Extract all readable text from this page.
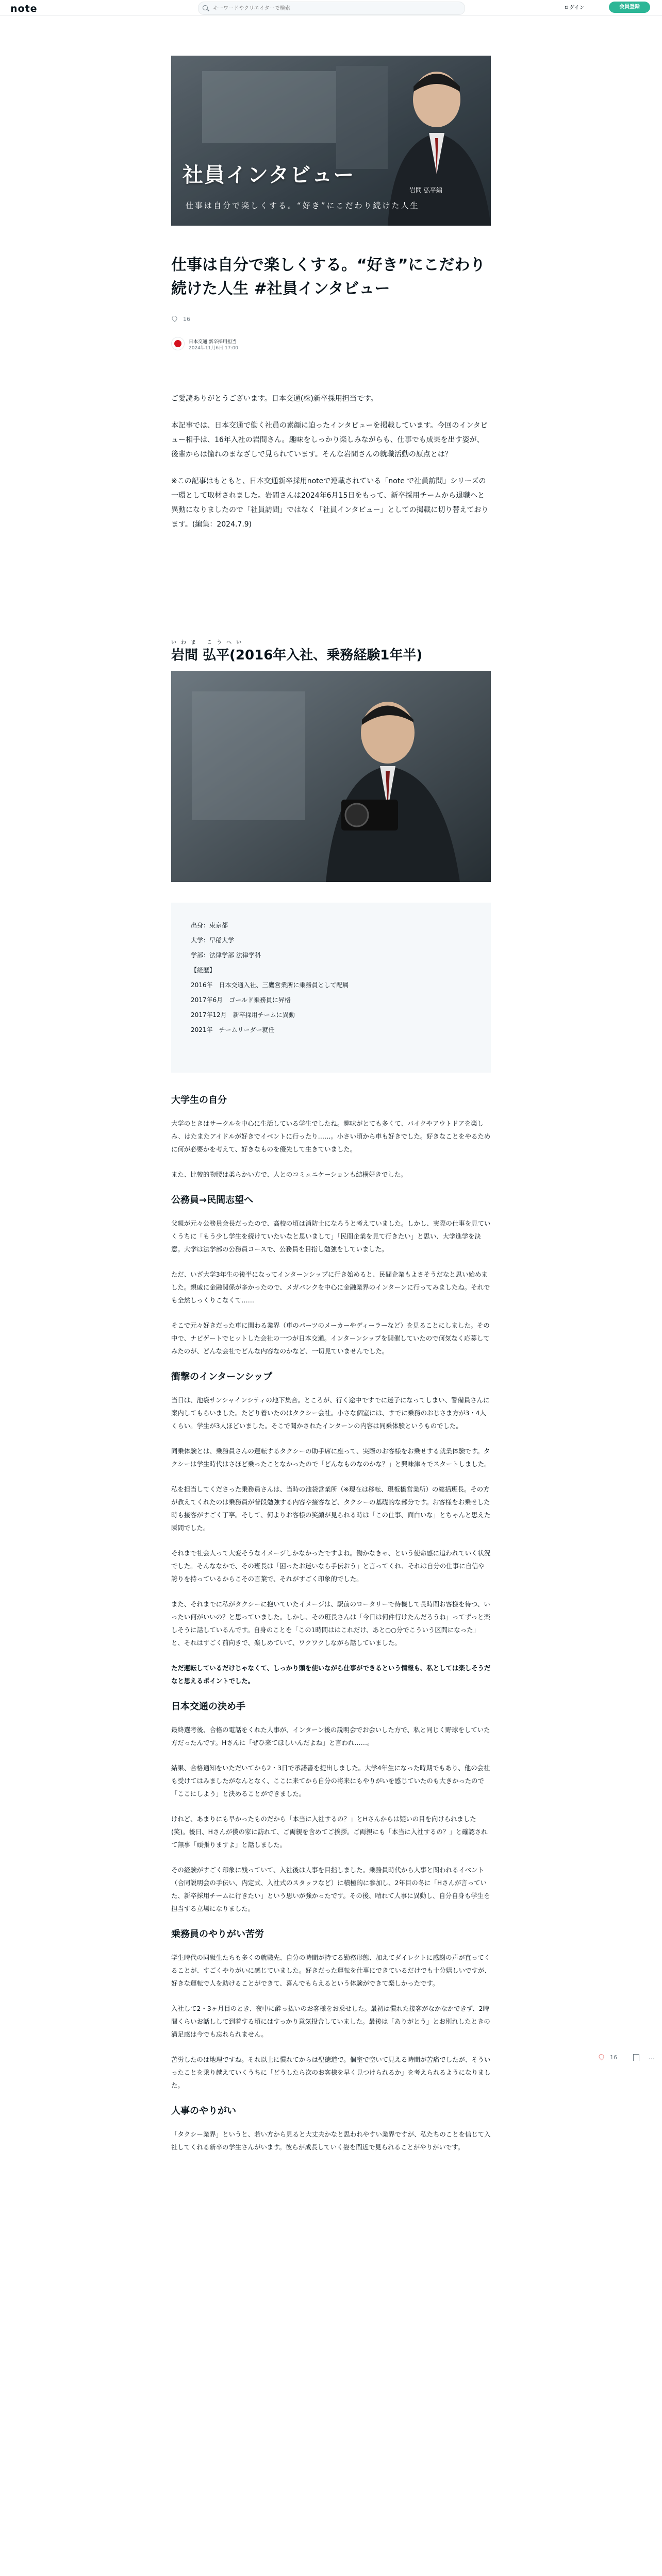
note
キーワードやクリエイターで検索	ログイン	会員登録
社員インタビュー
岩間 弘平編
仕事は自分で楽しくする。“好き”にこだわり続けた人生
仕事は自分で楽しくする。“好き”にこだわり続けた人生 #社員インタビュー
16
日本交通 新卒採用担当
2024年11月6日 17:00

ご愛読ありがとうございます。日本交通(株)新卒採用担当です。

本記事では、日本交通で働く社員の素顔に迫ったインタビューを掲載しています。今回のインタビュー相手は、16年入社の岩間さん。趣味をしっかり楽しみながらも、仕事でも成果を出す姿が、後輩からは憧れのまなざしで見られています。そんな岩間さんの就職活動の原点とは？

※この記事はもともと、日本交通新卒採用noteで連載されている「note で社員訪問」シリーズの一環として取材されました。岩間さんは2024年6月15日をもって、新卒採用チームから退職へと異動になりましたので「社員訪問」ではなく「社員インタビュー」としての掲載に切り替えております。(編集：2024.7.9)

いわま こうへい
岩間 弘平(2016年入社、乗務経験1年半)
出身：東京都
大学：早稲大学
学部：法律学部 法律学科
【経歴】
2016年　日本交通入社、三鷹営業所に乗務員として配属
2017年6月　ゴールド乗務員に昇格
2017年12月　新卒採用チームに異動
2021年　チームリーダー就任
大学生の自分

大学のときはサークルを中心に生活している学生でしたね。趣味がとても多くて、バイクやアウトドアを楽しみ、はたまたアイドルが好きでイベントに行ったり……。小さい頃から車も好きでした。好きなことをやるために何が必要かを考えて、好きなものを優先して生きていました。

また、比較的物腰は柔らかい方で、人とのコミュニケーションも結構好きでした。

公務員→民間志望へ

父親が元々公務員会長だったので、高校の頃は消防士になろうと考えていました。しかし、実際の仕事を見ていくうちに「もう少し学生を続けていたいなと思いまして」「民間企業を見て行きたい」と思い、大学進学を決意。大学は法学部の公務員コースで、公務員を目指し勉強をしていました。

ただ、いざ大学3年生の後半になってインターンシップに行き始めると、民間企業もよさそうだなと思い始めました。親戚に金融関係が多かったので、メガバンクを中心に金融業界のインターンに行ってみましたね。それでも全然しっくりこなくて……

そこで元々好きだった車に関わる業界（車のパーツのメーカーやディーラーなど）を見ることにしました。その中で、ナビゲートでヒットした会社の一つが日本交通。インターンシップを開催していたので何気なく応募してみたのが、どんな会社でどんな内容なのかなど、一切見ていませんでした。

衝撃のインターンシップ

当日は、池袋サンシャインシティの地下集合。ところが、行く途中ですでに迷子になってしまい、警備員さんに案内してもらいました。たどり着いたのはタクシー会社。小さな個室には、すでに乗務のおじさま方が3・4人くらい。学生が3人ほどいました。そこで聞かされたインターンの内容は同乗体験というものでした。

同乗体験とは、乗務員さんの運転するタクシーの助手席に座って、実際のお客様をお乗せする就業体験です。タクシーは学生時代はさほど乗ったことなかったので「どんなものなのかな？」と興味津々でスタートしました。

私を担当してくださった乗務員さんは、当時の池袋営業所（※現在は移転、現板橋営業所）の総括班長。その方が教えてくれたのは乗務員が普段勉強する内容や接客など、タクシーの基礎的な部分です。お客様をお乗せした時も接客がすごく丁寧。そして、何よりお客様の笑顔が見られる時は「この仕事、面白いな」とちゃんと思えた瞬間でした。

それまで社会人って大変そうなイメージしかなかったですよね。働かなきゃ、という使命感に追われていく状況でした。そんななかで、その班長は「困ったお迷いなら手伝おう」と言ってくれ、それは自分の仕事に自信や誇りを持っているからこその言葉で、それがすごく印象的でした。

また、それまでに私がタクシーに抱いていたイメージは、駅前のロータリーで待機して長時間お客様を待つ、いったい何がいいの？と思っていました。しかし、その班長さんは「今日は何件行けたんだろうね」ってずっと楽しそうに話しているんです。自身のことを「この1時間ははこれだけ、あと○○分でこういう区間になった」と、それはすごく前向きで、楽しめていて、ワクワクしながら話していました。

ただ運転しているだけじゃなくて、しっかり頭を使いながら仕事ができるという情報も、私としては楽しそうだなと思えるポイントでした。

日本交通の決め手

最終選考後、合格の電話をくれた人事が、インターン後の説明会でお会いした方で、私と同じく野球をしていた方だったんです。Hさんに「ぜひ来てほしいんだよね」と言われ……。

結果、合格通知をいただいてから2・3日で承諾書を提出しました。大学4年生になった時期でもあり、他の会社も受けてはみましたがなんとなく、ここに来てから自分の将来にもやりがいを感じていたのも大きかったので「ここにしよう」と決めることができました。

けれど、あまりにも早かったものだから「本当に入社するの？」とHさんからは疑いの目を向けられました(笑)。後日、Hさんが僕の家に訪れて、ご両親を含めてご挨拶。ご両親にも「本当に入社するの？」と確認されて無事「頑張りますよ」と話しました。

その経験がすごく印象に残っていて、入社後は人事を目指しました。乗務員時代から人事と関われるイベント（合同説明会の手伝い、内定式、入社式のスタッフなど）に積極的に参加し、2年目の冬に「Hさんが言っていた、新卒採用チームに行きたい」という思いが強かったです。その後、晴れて人事に異動し、自分自身も学生を担当する立場になりました。

乗務員のやりがい苦労

学生時代の同級生たちも多くの就職先、自分の時間が持てる勤務形態、加えてダイレクトに感謝の声が直ってくることが、すごくやりがいに感じていました。好きだった運転を仕事にできているだけでも十分嬉しいですが、好きな運転で人を助けることができて、喜んでもらえるという体験ができて楽しかったです。

入社して2・3ヶ月目のとき、夜中に酔っ払いのお客様をお乗せした。最初は慣れた接客がなかなかできず、2時間くらいお話しして到着する頃にはすっかり意気投合していました。最後は「ありがとう」とお別れしたときの満足感は今でも忘れられません。

苦労したのは地理ですね。それ以上に慣れてからは聖徳道で。個室で空いて見える時間が苦痛でしたが、そういったことを乗り越えていくうちに「どうしたら次のお客様を早く見つけられるか」を考えられるようになりました。

人事のやりがい

「タクシー業界」というと、若い方から見ると大丈夫かなと思われやすい業界ですが、私たちのことを信じて入社してくれる新卒の学生さんがいます。彼らが成長していく姿を間近で見られることがやりがいです。

16	…
